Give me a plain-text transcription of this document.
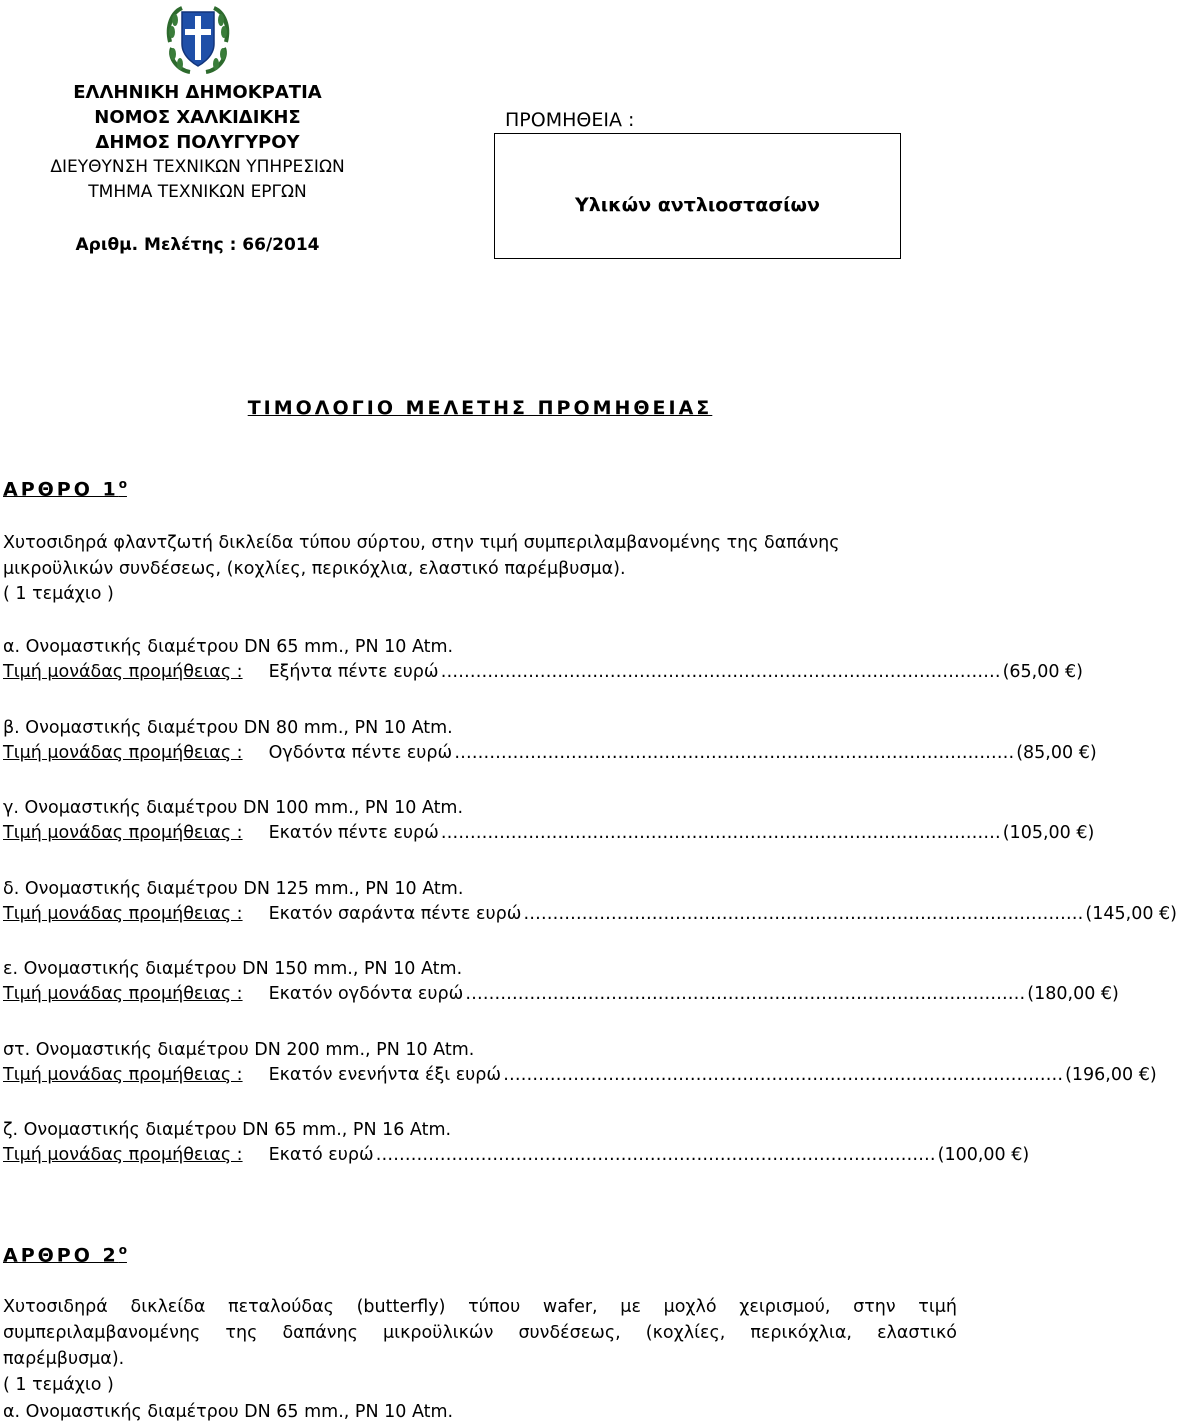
ΕΛΛΗΝΙΚΗ ΔΗΜΟΚΡΑΤΙΑ
ΝΟΜΟΣ ΧΑΛΚΙΔΙΚΗΣ
ΔΗΜΟΣ ΠΟΛΥΓΥΡΟΥ
ΔΙΕΥΘΥΝΣΗ ΤΕΧΝΙΚΩΝ ΥΠΗΡΕΣΙΩΝ
ΤΜΗΜΑ ΤΕΧΝΙΚΩΝ ΕΡΓΩΝ
Αριθμ. Μελέτης : 66/2014
ΠΡΟΜΗΘΕΙΑ :
Υλικών αντλιοστασίων
ΤΙΜΟΛΟΓΙΟ ΜΕΛΕΤΗΣ ΠΡΟΜΗΘΕΙΑΣ
ΑΡΘΡΟ $1^o$
Χυτοσιδηρά φλαντζωτή δικλείδα τύπου σύρτου, στην τιμή συμπεριλαμβανομένης της δαπάνης
μικροϋλικών συνδέσεως, (κοχλίες, περικόχλια, ελαστικό παρέμβυσμα).
( 1 τεμάχιο )
α. Ονομαστικής διαμέτρου DN 65 mm., PN 10 Atm.
Τιμή μονάδας προμήθειας : Εξήντα πέντε ευρώ …………………………………………………………………………………… (65,00 €)
β. Ονομαστικής διαμέτρου DN 80 mm., PN 10 Atm.
Τιμή μονάδας προμήθειας : Ογδόντα πέντε ευρώ …………………………………………………………………………………… (85,00 €)
γ. Ονομαστικής διαμέτρου DN 100 mm., PN 10 Atm.
Τιμή μονάδας προμήθειας : Εκατόν πέντε ευρώ …………………………………………………………………………………… (105,00 €)
δ. Ονομαστικής διαμέτρου DN 125 mm., PN 10 Atm.
Τιμή μονάδας προμήθειας : Εκατόν σαράντα πέντε ευρώ …………………………………………………………………………………… (145,00 €)
ε. Ονομαστικής διαμέτρου DN 150 mm., PN 10 Atm.
Τιμή μονάδας προμήθειας : Εκατόν ογδόντα ευρώ …………………………………………………………………………………… (180,00 €)
στ. Ονομαστικής διαμέτρου DN 200 mm., PN 10 Atm.
Τιμή μονάδας προμήθειας : Εκατόν ενενήντα έξι ευρώ …………………………………………………………………………………… (196,00 €)
ζ. Ονομαστικής διαμέτρου DN 65 mm., PN 16 Atm.
Τιμή μονάδας προμήθειας : Εκατό ευρώ …………………………………………………………………………………… (100,00 €)
ΑΡΘΡΟ $2^o$
Χυτοσιδηρά δικλείδα πεταλούδας (butterfly) τύπου wafer, με μοχλό χειρισμού, στην τιμή
συμπεριλαμβανομένης της δαπάνης μικροϋλικών συνδέσεως, (κοχλίες, περικόχλια, ελαστικό
παρέμβυσμα).
( 1 τεμάχιο )
α. Ονομαστικής διαμέτρου DN 65 mm., PN 10 Atm.
